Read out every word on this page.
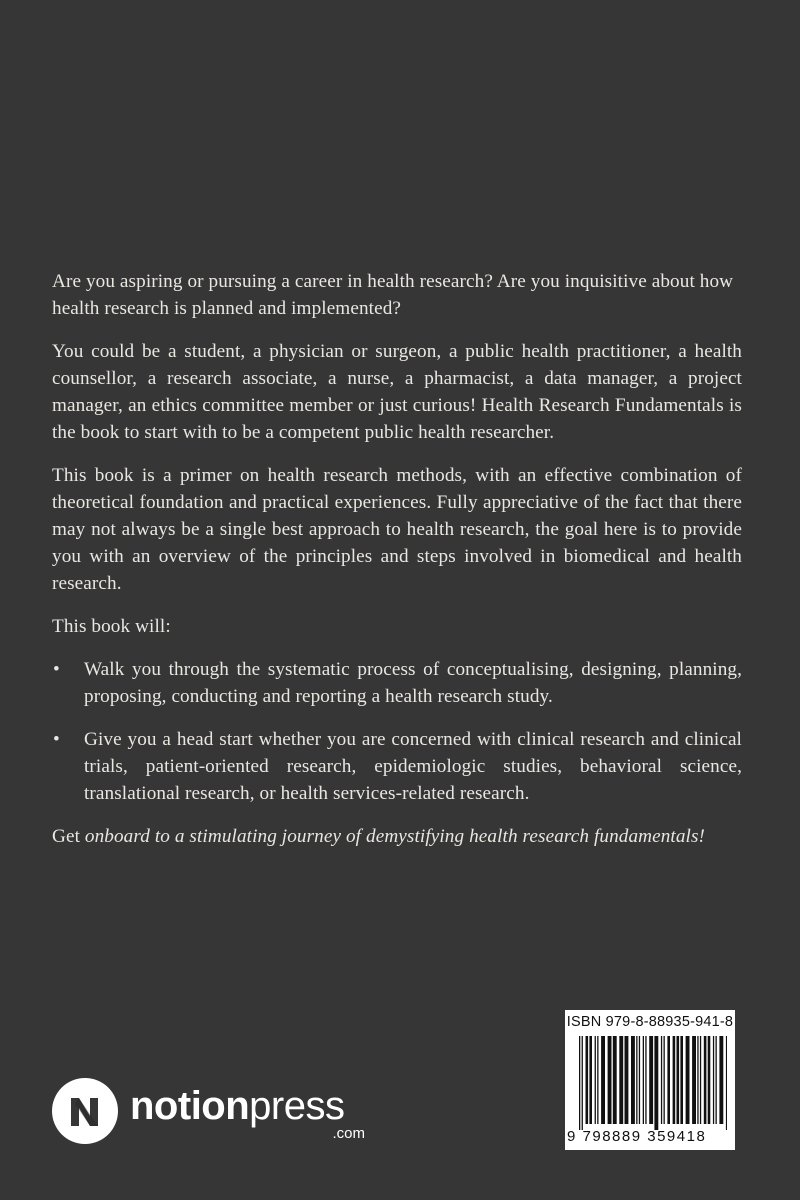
Are you aspiring or pursuing a career in health research? Are you inquisitive about how health research is planned and implemented?

You could be a student, a physician or surgeon, a public health practitioner, a health counsellor, a research associate, a nurse, a pharmacist, a data manager, a project manager, an ethics committee member or just curious! Health Research Fundamentals is the book to start with to be a competent public health researcher.

This book is a primer on health research methods, with an effective combination of theoretical foundation and practical experiences. Fully appreciative of the fact that there may not always be a single best approach to health research, the goal here is to provide you with an overview of the principles and steps involved in biomedical and health research.

This book will:

• Walk you through the systematic process of conceptualising, designing, planning, proposing, conducting and reporting a health research study.
• Give you a head start whether you are concerned with clinical research and clinical trials, patient-oriented research, epidemiologic studies, behavioral science, translational research, or health services-related research.

Get onboard to a stimulating journey of demystifying health research fundamentals!

notionpress
.com
ISBN 979-8-88935-941-8
9 798889 359418
